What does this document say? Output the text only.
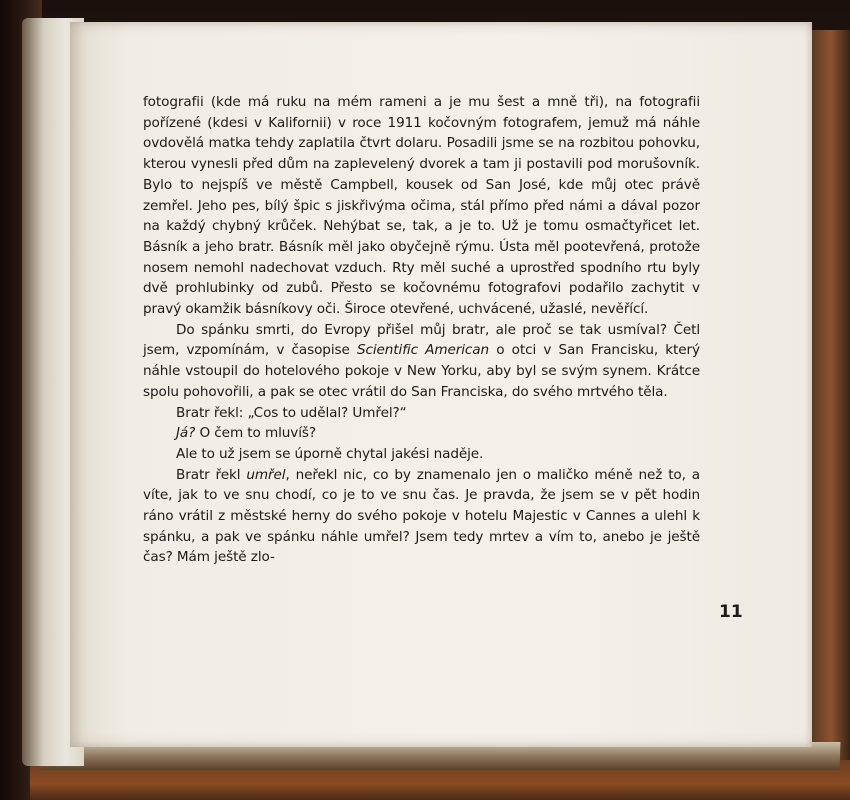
fotografii (kde má ruku na mém rameni a je mu šest a mně tři), na fotografii pořízené (kdesi v Kalifornii) v roce 1911 kočovným fotografem, jemuž má náhle ovdovělá matka tehdy zaplatila čtvrt dolaru. Posadili jsme se na rozbitou pohovku, kterou vynesli před dům na zaplevelený dvorek a tam ji postavili pod morušovník. Bylo to nejspíš ve městě Campbell, kousek od San José, kde můj otec právě zemřel. Jeho pes, bílý špic s jiskřivýma očima, stál přímo před námi a dával pozor na každý chybný krůček. Nehýbat se, tak, a je to. Už je tomu osmačtyřicet let. Básník a jeho bratr. Básník měl jako obyčejně rýmu. Ústa měl pootevřená, protože nosem nemohl nadechovat vzduch. Rty měl suché a uprostřed spodního rtu byly dvě prohlubinky od zubů. Přesto se kočovnému fotografovi podařilo zachytit v pravý okamžik básníkovy oči. Široce otevřené, uchvácené, užaslé, nevěřící.

Do spánku smrti, do Evropy přišel můj bratr, ale proč se tak usmíval? Četl jsem, vzpomínám, v časopise Scientific American o otci v San Francisku, který náhle vstoupil do hotelového pokoje v New Yorku, aby byl se svým synem. Krátce spolu pohovořili, a pak se otec vrátil do San Franciska, do svého mrtvého těla.

Bratr řekl: „Cos to udělal? Umřel?“

Já? O čem to mluvíš?

Ale to už jsem se úporně chytal jakési naděje.

Bratr řekl umřel, neřekl nic, co by znamenalo jen o maličko méně než to, a víte, jak to ve snu chodí, co je to ve snu čas. Je pravda, že jsem se v pět hodin ráno vrátil z městské herny do svého pokoje v hotelu Majestic v Cannes a ulehl k spánku, a pak ve spánku náhle umřel? Jsem tedy mrtev a vím to, anebo je ještě čas? Mám ještě zlo-

11
